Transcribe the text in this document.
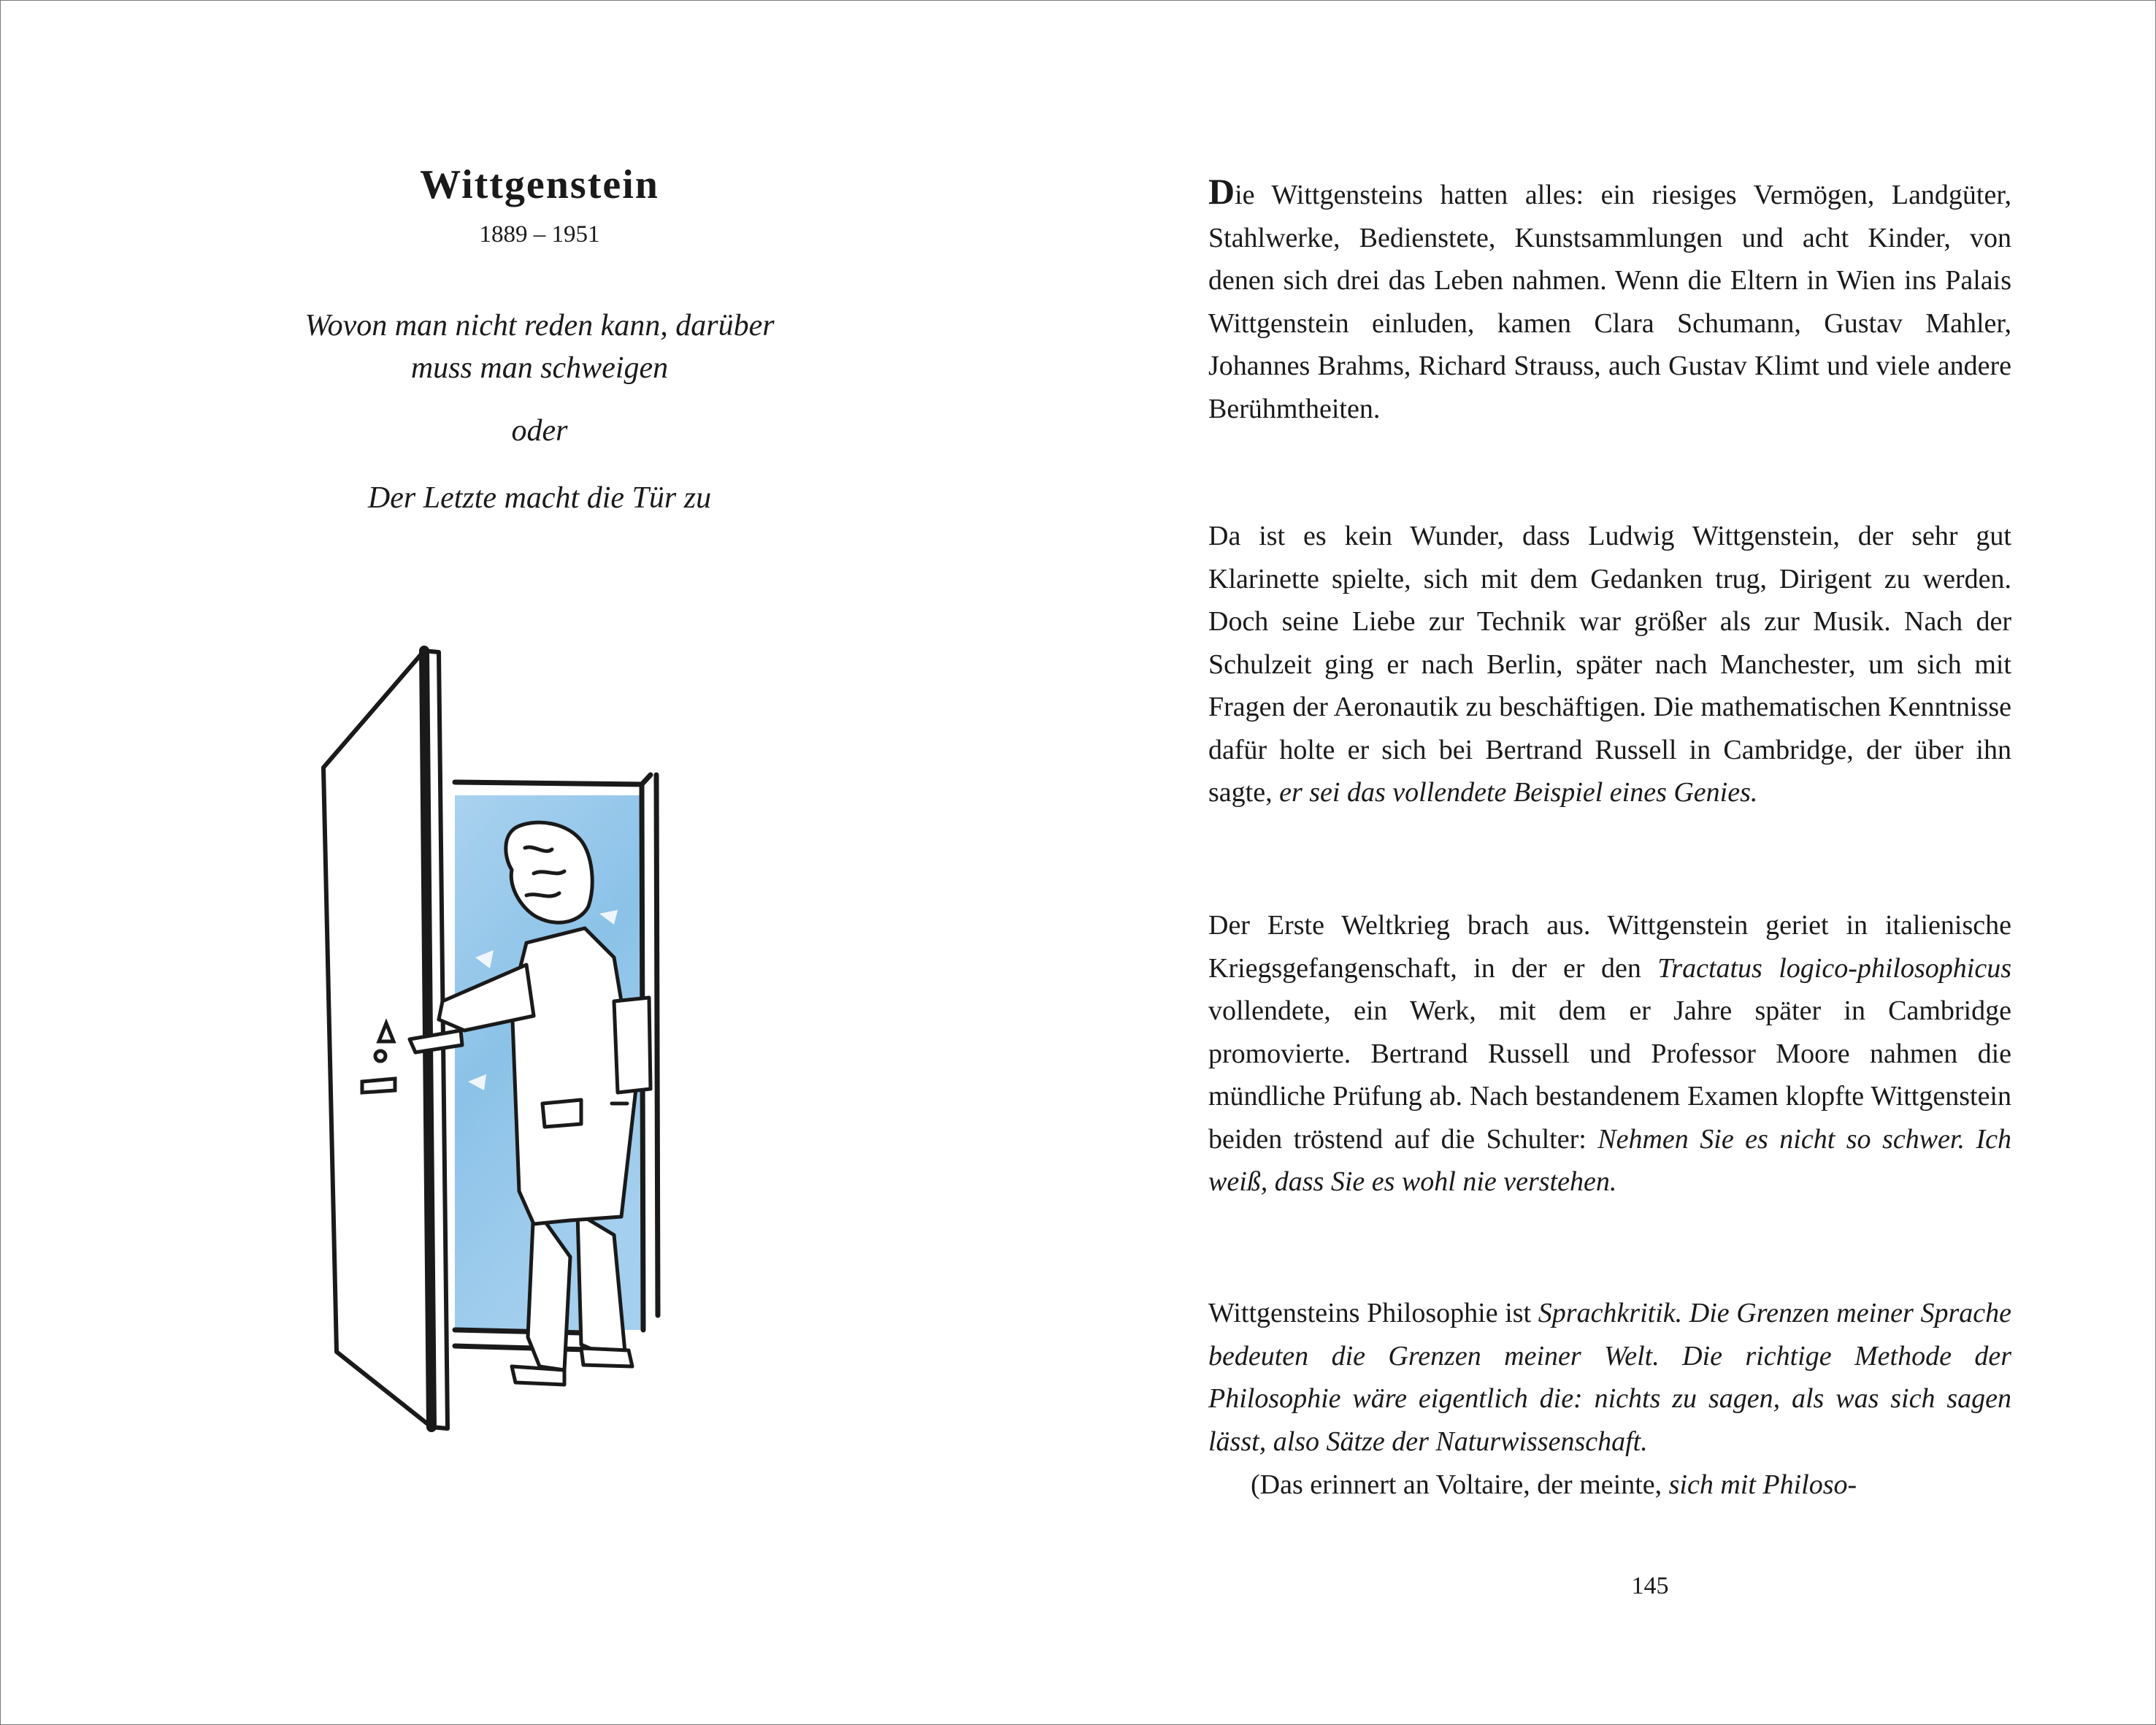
Wittgenstein
1889 – 1951
Wovon man nicht reden kann, darüber
muss man schweigen
oder
Der Letzte macht die Tür zu

Die Wittgensteins hatten alles: ein riesiges Vermögen, Landgüter, Stahlwerke, Bedienstete, Kunstsammlungen und acht Kinder, von denen sich drei das Leben nahmen. Wenn die Eltern in Wien ins Palais Wittgenstein einluden, kamen Clara Schumann, Gustav Mahler, Johannes Brahms, Richard Strauss, auch Gustav Klimt und viele andere Berühmtheiten.

Da ist es kein Wunder, dass Ludwig Wittgenstein, der sehr gut Klarinette spielte, sich mit dem Gedanken trug, Dirigent zu werden. Doch seine Liebe zur Technik war größer als zur Musik. Nach der Schulzeit ging er nach Berlin, später nach Manchester, um sich mit Fragen der Aeronautik zu beschäftigen. Die mathematischen Kenntnisse dafür holte er sich bei Bertrand Russell in Cambridge, der über ihn sagte, er sei das vollendete Beispiel eines Genies.

Der Erste Weltkrieg brach aus. Wittgenstein geriet in italienische Kriegsgefangenschaft, in der er den Tractatus logico-philosophicus vollendete, ein Werk, mit dem er Jahre später in Cambridge promovierte. Bertrand Russell und Professor Moore nahmen die mündliche Prüfung ab. Nach bestandenem Examen klopfte Wittgenstein beiden tröstend auf die Schulter: Nehmen Sie es nicht so schwer. Ich weiß, dass Sie es wohl nie verstehen.

Wittgensteins Philosophie ist Sprachkritik. Die Grenzen meiner Sprache bedeuten die Grenzen meiner Welt. Die richtige Methode der Philosophie wäre eigentlich die: nichts zu sagen, als was sich sagen lässt, also Sätze der Naturwissenschaft.

(Das erinnert an Voltaire, der meinte, sich mit Philoso-

145
